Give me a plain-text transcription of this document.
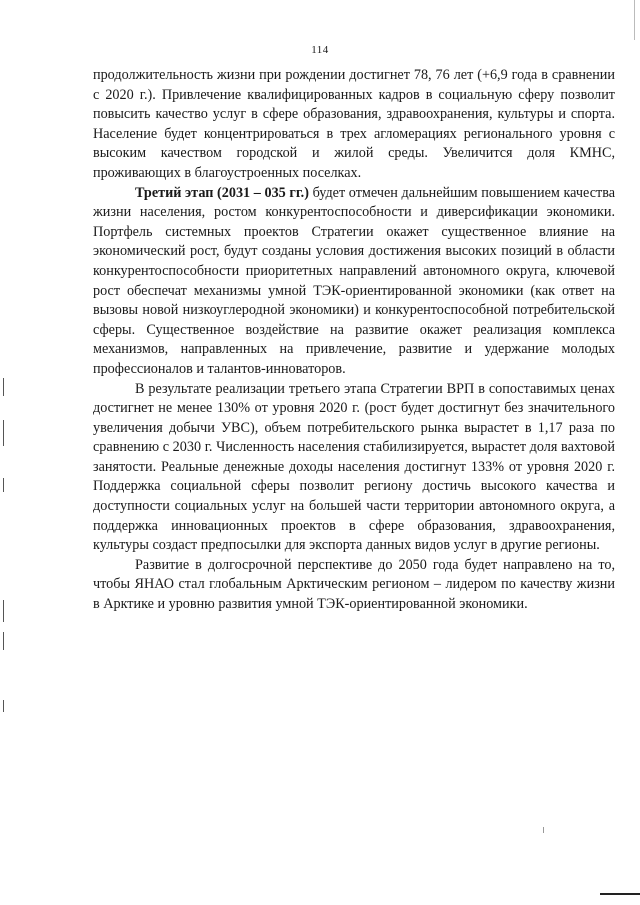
114

продолжительность жизни при рождении достигнет 78, 76 лет (+6,9 года в сравнении с 2020 г.). Привлечение квалифицированных кадров в социальную сферу позволит повысить качество услуг в сфере образования, здравоохранения, культуры и спорта. Население будет концентрироваться в трех агломерациях регионального уровня с высоким качеством городской и жилой среды. Увеличится доля КМНС, проживающих в благоустроенных поселках.

Третий этап (2031 – 035 гг.) будет отмечен дальнейшим повышением качества жизни населения, ростом конкурентоспособности и диверсификации экономики. Портфель системных проектов Стратегии окажет существенное влияние на экономический рост, будут созданы условия достижения высоких позиций в области конкурентоспособности приоритетных направлений автономного округа, ключевой рост обеспечат механизмы умной ТЭК-ориентированной экономики (как ответ на вызовы новой низкоуглеродной экономики) и конкурентоспособной потребительской сферы. Существенное воздействие на развитие окажет реализация комплекса механизмов, направленных на привлечение, развитие и удержание молодых профессионалов и талантов-инноваторов.

В результате реализации третьего этапа Стратегии ВРП в сопоставимых ценах достигнет не менее 130% от уровня 2020 г. (рост будет достигнут без значительного увеличения добычи УВС), объем потребительского рынка вырастет в 1,17 раза по сравнению с 2030 г. Численность населения стабилизируется, вырастет доля вахтовой занятости. Реальные денежные доходы населения достигнут 133% от уровня 2020 г. Поддержка социальной сферы позволит региону достичь высокого качества и доступности социальных услуг на большей части территории автономного округа, а поддержка инновационных проектов в сфере образования, здравоохранения, культуры создаст предпосылки для экспорта данных видов услуг в другие регионы.

Развитие в долгосрочной перспективе до 2050 года будет направлено на то, чтобы ЯНАО стал глобальным Арктическим регионом – лидером по качеству жизни в Арктике и уровню развития умной ТЭК-ориентированной экономики.
